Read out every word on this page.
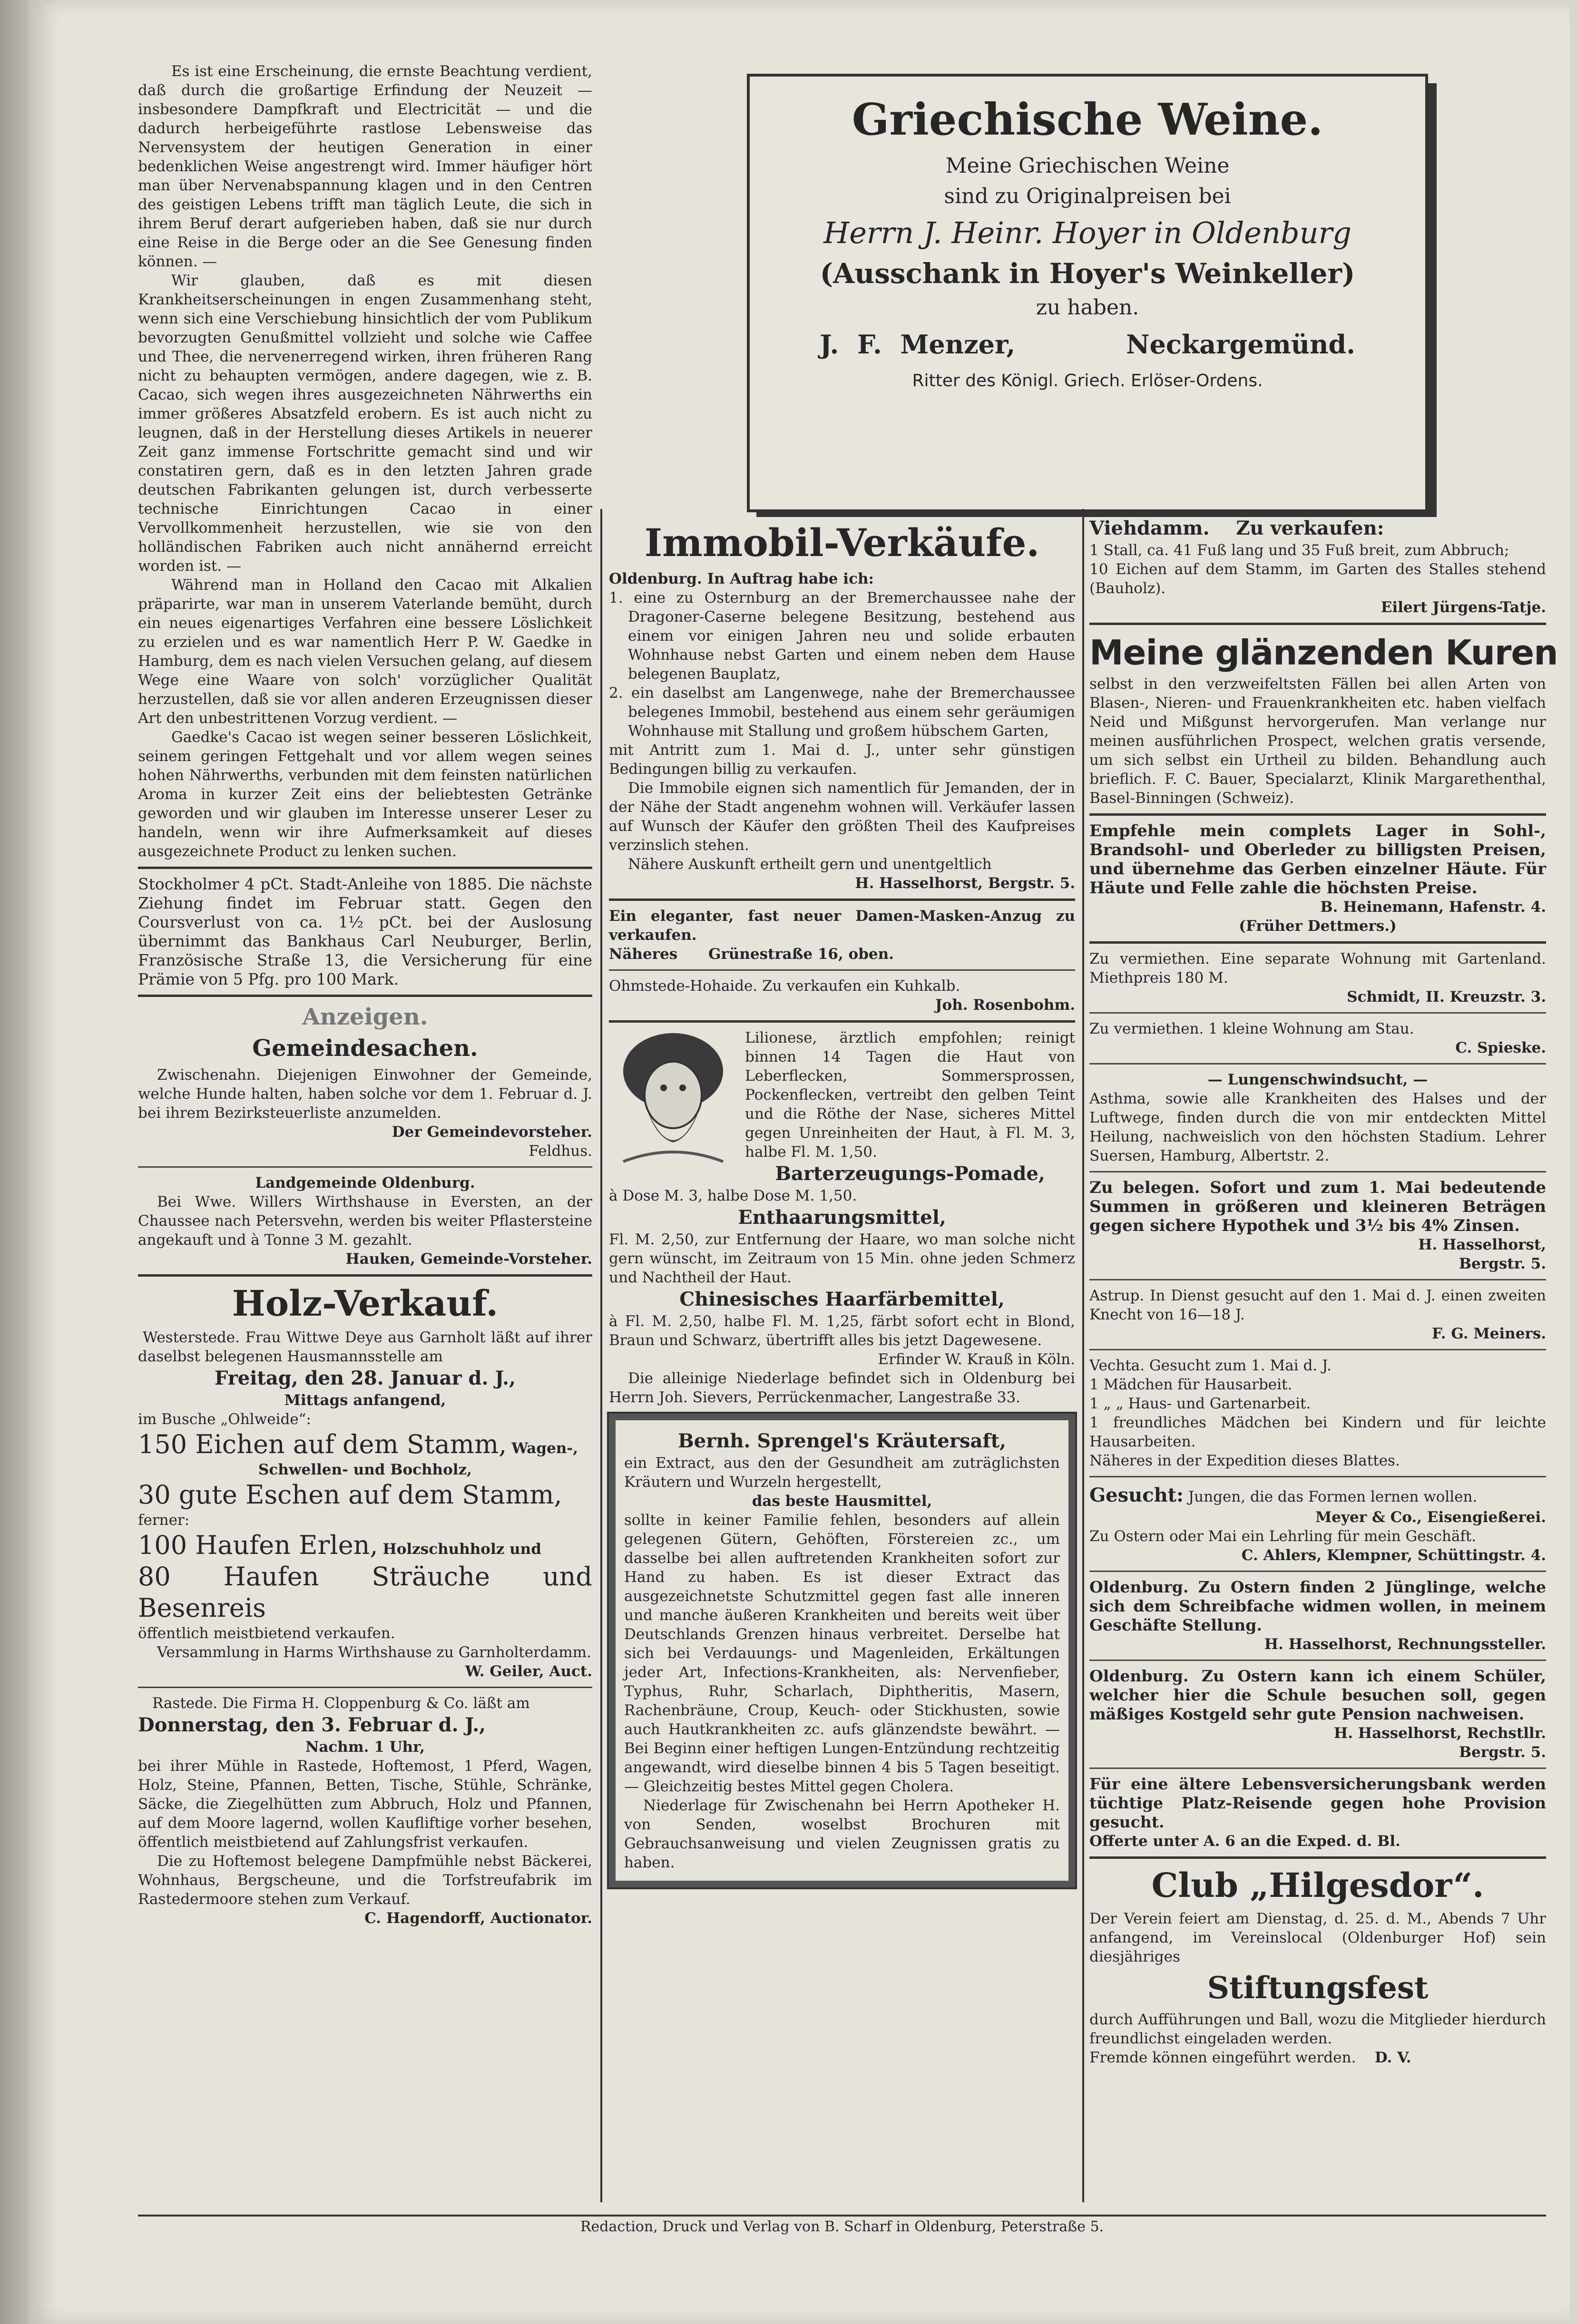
Es ist eine Erscheinung, die ernste Beachtung verdient, daß durch die großartige Erfindung der Neuzeit — insbesondere Dampfkraft und Electricität — und die dadurch herbeigeführte rastlose Lebensweise das Nervensystem der heutigen Generation in einer bedenklichen Weise angestrengt wird. Immer häufiger hört man über Nervenabspannung klagen und in den Centren des geistigen Lebens trifft man täglich Leute, die sich in ihrem Beruf derart aufgerieben haben, daß sie nur durch eine Reise in die Berge oder an die See Genesung finden können. —

Wir glauben, daß es mit diesen Krankheitserscheinungen in engen Zusammenhang steht, wenn sich eine Verschiebung hinsichtlich der vom Publikum bevorzugten Genußmittel vollzieht und solche wie Caffee und Thee, die nervenerregend wirken, ihren früheren Rang nicht zu behaupten vermögen, andere dagegen, wie z. B. Cacao, sich wegen ihres ausgezeichneten Nährwerths ein immer größeres Absatzfeld erobern. Es ist auch nicht zu leugnen, daß in der Herstellung dieses Artikels in neuerer Zeit ganz immense Fortschritte gemacht sind und wir constatiren gern, daß es in den letzten Jahren grade deutschen Fabrikanten gelungen ist, durch verbesserte technische Einrichtungen Cacao in einer Vervollkommenheit herzustellen, wie sie von den holländischen Fabriken auch nicht annähernd erreicht worden ist. —

Während man in Holland den Cacao mit Alkalien präparirte, war man in unserem Vaterlande bemüht, durch ein neues eigenartiges Verfahren eine bessere Löslichkeit zu erzielen und es war namentlich Herr P. W. Gaedke in Hamburg, dem es nach vielen Versuchen gelang, auf diesem Wege eine Waare von solch' vorzüglicher Qualität herzustellen, daß sie vor allen anderen Erzeugnissen dieser Art den unbestrittenen Vorzug verdient. —

Gaedke's Cacao ist wegen seiner besseren Löslichkeit, seinem geringen Fettgehalt und vor allem wegen seines hohen Nährwerths, verbunden mit dem feinsten natürlichen Aroma in kurzer Zeit eins der beliebtesten Getränke geworden und wir glauben im Interesse unserer Leser zu handeln, wenn wir ihre Aufmerksamkeit auf dieses ausgezeichnete Product zu lenken suchen.

Stockholmer 4 pCt. Stadt-Anleihe von 1885. Die nächste Ziehung findet im Februar statt. Gegen den Coursverlust von ca. 1½ pCt. bei der Auslosung übernimmt das Bankhaus Carl Neuburger, Berlin, Französische Straße 13, die Versicherung für eine Prämie von 5 Pfg. pro 100 Mark.

Anzeigen.
Gemeindesachen.

Zwischenahn. Diejenigen Einwohner der Gemeinde, welche Hunde halten, haben solche vor dem 1. Februar d. J. bei ihrem Bezirksteuerliste anzumelden.

Der Gemeindevorsteher.

Feldhus.

Landgemeinde Oldenburg.

Bei Wwe. Willers Wirthshause in Eversten, an der Chaussee nach Petersvehn, werden bis weiter Pflastersteine angekauft und à Tonne 3 M. gezahlt.

Hauken, Gemeinde-Vorsteher.

Holz-Verkauf.

Westerstede. Frau Wittwe Deye aus Garnholt läßt auf ihrer daselbst belegenen Hausmannsstelle am

Freitag, den 28. Januar d. J.,

Mittags anfangend,

im Busche „Ohlweide“:

150 Eichen auf dem Stamm, Wagen-,

Schwellen- und Bochholz,

30 gute Eschen auf dem Stamm,

ferner:

100 Haufen Erlen, Holzschuhholz und

80 Haufen Sträuche und Besenreis

öffentlich meistbietend verkaufen.

Versammlung in Harms Wirthshause zu Garnholterdamm.

W. Geiler, Auct.

Rastede. Die Firma H. Cloppenburg & Co. läßt am

Donnerstag, den 3. Februar d. J.,

Nachm. 1 Uhr,

bei ihrer Mühle in Rastede, Hoftemost, 1 Pferd, Wagen, Holz, Steine, Pfannen, Betten, Tische, Stühle, Schränke, Säcke, die Ziegelhütten zum Abbruch, Holz und Pfannen, auf dem Moore lagernd, wollen Kaufliftige vorher besehen, öffentlich meistbietend auf Zahlungsfrist verkaufen.

Die zu Hoftemost belegene Dampfmühle nebst Bäckerei, Wohnhaus, Bergscheune, und die Torfstreufabrik im Rastedermoore stehen zum Verkauf.

C. Hagendorff, Auctionator.

Griechische Weine.

Meine Griechischen Weine

sind zu Originalpreisen bei

Herrn J. Heinr. Hoyer in Oldenburg

(Ausschank in Hoyer's Weinkeller)

zu haben.

J. F. Menzer,	Neckargemünd.

Ritter des Königl. Griech. Erlöser-Ordens.

Immobil-Verkäufe.

Oldenburg. In Auftrag habe ich:

1. eine zu Osternburg an der Bremerchaussee nahe der Dragoner-Caserne belegene Besitzung, bestehend aus einem vor einigen Jahren neu und solide erbauten Wohnhause nebst Garten und einem neben dem Hause belegenen Bauplatz,

2. ein daselbst am Langenwege, nahe der Bremerchaussee belegenes Immobil, bestehend aus einem sehr geräumigen Wohnhause mit Stallung und großem hübschem Garten,

mit Antritt zum 1. Mai d. J., unter sehr günstigen Bedingungen billig zu verkaufen.

Die Immobile eignen sich namentlich für Jemanden, der in der Nähe der Stadt angenehm wohnen will. Verkäufer lassen auf Wunsch der Käufer den größten Theil des Kaufpreises verzinslich stehen.

Nähere Auskunft ertheilt gern und unentgeltlich

H. Hasselhorst, Bergstr. 5.

Ein eleganter, fast neuer Damen-Masken-Anzug zu verkaufen.

Näheres Grünestraße 16, oben.

Ohmstede-Hohaide. Zu verkaufen ein Kuhkalb.

Joh. Rosenbohm.

Lilionese, ärztlich empfohlen; reinigt binnen 14 Tagen die Haut von Leberflecken, Sommersprossen, Pockenflecken, vertreibt den gelben Teint und die Röthe der Nase, sicheres Mittel gegen Unreinheiten der Haut, à Fl. M. 3, halbe Fl. M. 1,50.

Barterzeugungs-Pomade,

à Dose M. 3, halbe Dose M. 1,50.

Enthaarungsmittel,

Fl. M. 2,50, zur Entfernung der Haare, wo man solche nicht gern wünscht, im Zeitraum von 15 Min. ohne jeden Schmerz und Nachtheil der Haut.

Chinesisches Haarfärbemittel,

à Fl. M. 2,50, halbe Fl. M. 1,25, färbt sofort echt in Blond, Braun und Schwarz, übertrifft alles bis jetzt Dagewesene.

Erfinder W. Krauß in Köln.

Die alleinige Niederlage befindet sich in Oldenburg bei Herrn Joh. Sievers, Perrückenmacher, Langestraße 33.

Bernh. Sprengel's Kräutersaft,

ein Extract, aus den der Gesundheit am zuträglichsten Kräutern und Wurzeln hergestellt,

das beste Hausmittel,

sollte in keiner Familie fehlen, besonders auf allein gelegenen Gütern, Gehöften, Förstereien zc., um dasselbe bei allen auftretenden Krankheiten sofort zur Hand zu haben. Es ist dieser Extract das ausgezeichnetste Schutzmittel gegen fast alle inneren und manche äußeren Krankheiten und bereits weit über Deutschlands Grenzen hinaus verbreitet. Derselbe hat sich bei Verdauungs- und Magenleiden, Erkältungen jeder Art, Infections-Krankheiten, als: Nervenfieber, Typhus, Ruhr, Scharlach, Diphtheritis, Masern, Rachenbräune, Croup, Keuch- oder Stickhusten, sowie auch Hautkrankheiten zc. aufs glänzendste bewährt. — Bei Beginn einer heftigen Lungen-Entzündung rechtzeitig angewandt, wird dieselbe binnen 4 bis 5 Tagen beseitigt. — Gleichzeitig bestes Mittel gegen Cholera.

Niederlage für Zwischenahn bei Herrn Apotheker H. von Senden, woselbst Brochuren mit Gebrauchsanweisung und vielen Zeugnissen gratis zu haben.

Viehdamm. Zu verkaufen:

1 Stall, ca. 41 Fuß lang und 35 Fuß breit, zum Abbruch;

10 Eichen auf dem Stamm, im Garten des Stalles stehend (Bauholz).

Eilert Jürgens-Tatje.

Meine glänzenden Kuren

selbst in den verzweifeltsten Fällen bei allen Arten von Blasen-, Nieren- und Frauenkrankheiten etc. haben vielfach Neid und Mißgunst hervorgerufen. Man verlange nur meinen ausführlichen Prospect, welchen gratis versende, um sich selbst ein Urtheil zu bilden. Behandlung auch brieflich. F. C. Bauer, Specialarzt, Klinik Margarethenthal, Basel-Binningen (Schweiz).

Empfehle mein complets Lager in Sohl-, Brandsohl- und Oberleder zu billigsten Preisen, und übernehme das Gerben einzelner Häute. Für Häute und Felle zahle die höchsten Preise.

B. Heinemann, Hafenstr. 4.

(Früher Dettmers.)

Zu vermiethen. Eine separate Wohnung mit Gartenland. Miethpreis 180 M.

Schmidt, II. Kreuzstr. 3.

Zu vermiethen. 1 kleine Wohnung am Stau.

C. Spieske.

— Lungenschwindsucht, —

Asthma, sowie alle Krankheiten des Halses und der Luftwege, finden durch die von mir entdeckten Mittel Heilung, nachweislich von den höchsten Stadium. Lehrer Suersen, Hamburg, Albertstr. 2.

Zu belegen. Sofort und zum 1. Mai bedeutende Summen in größeren und kleineren Beträgen gegen sichere Hypothek und 3½ bis 4% Zinsen.

H. Hasselhorst,

Bergstr. 5.

Astrup. In Dienst gesucht auf den 1. Mai d. J. einen zweiten Knecht von 16—18 J.

F. G. Meiners.

Vechta. Gesucht zum 1. Mai d. J.

1 Mädchen für Hausarbeit.

1 „ „ Haus- und Gartenarbeit.

1 freundliches Mädchen bei Kindern und für leichte Hausarbeiten.

Näheres in der Expedition dieses Blattes.

Gesucht: Jungen, die das Formen lernen wollen.

Meyer & Co., Eisengießerei.

Zu Ostern oder Mai ein Lehrling für mein Geschäft.

C. Ahlers, Klempner, Schüttingstr. 4.

Oldenburg. Zu Ostern finden 2 Jünglinge, welche sich dem Schreibfache widmen wollen, in meinem Geschäfte Stellung.

H. Hasselhorst, Rechnungssteller.

Oldenburg. Zu Ostern kann ich einem Schüler, welcher hier die Schule besuchen soll, gegen mäßiges Kostgeld sehr gute Pension nachweisen.

H. Hasselhorst, Rechstllr.

Bergstr. 5.

Für eine ältere Lebensversicherungsbank werden tüchtige Platz-Reisende gegen hohe Provision gesucht.

Offerte unter A. 6 an die Exped. d. Bl.

Club „Hilgesdor“.

Der Verein feiert am Dienstag, d. 25. d. M., Abends 7 Uhr anfangend, im Vereinslocal (Oldenburger Hof) sein diesjähriges

Stiftungsfest

durch Aufführungen und Ball, wozu die Mitglieder hierdurch freundlichst eingeladen werden.

Fremde können eingeführt werden. D. V.

Redaction, Druck und Verlag von B. Scharf in Oldenburg, Peterstraße 5.
